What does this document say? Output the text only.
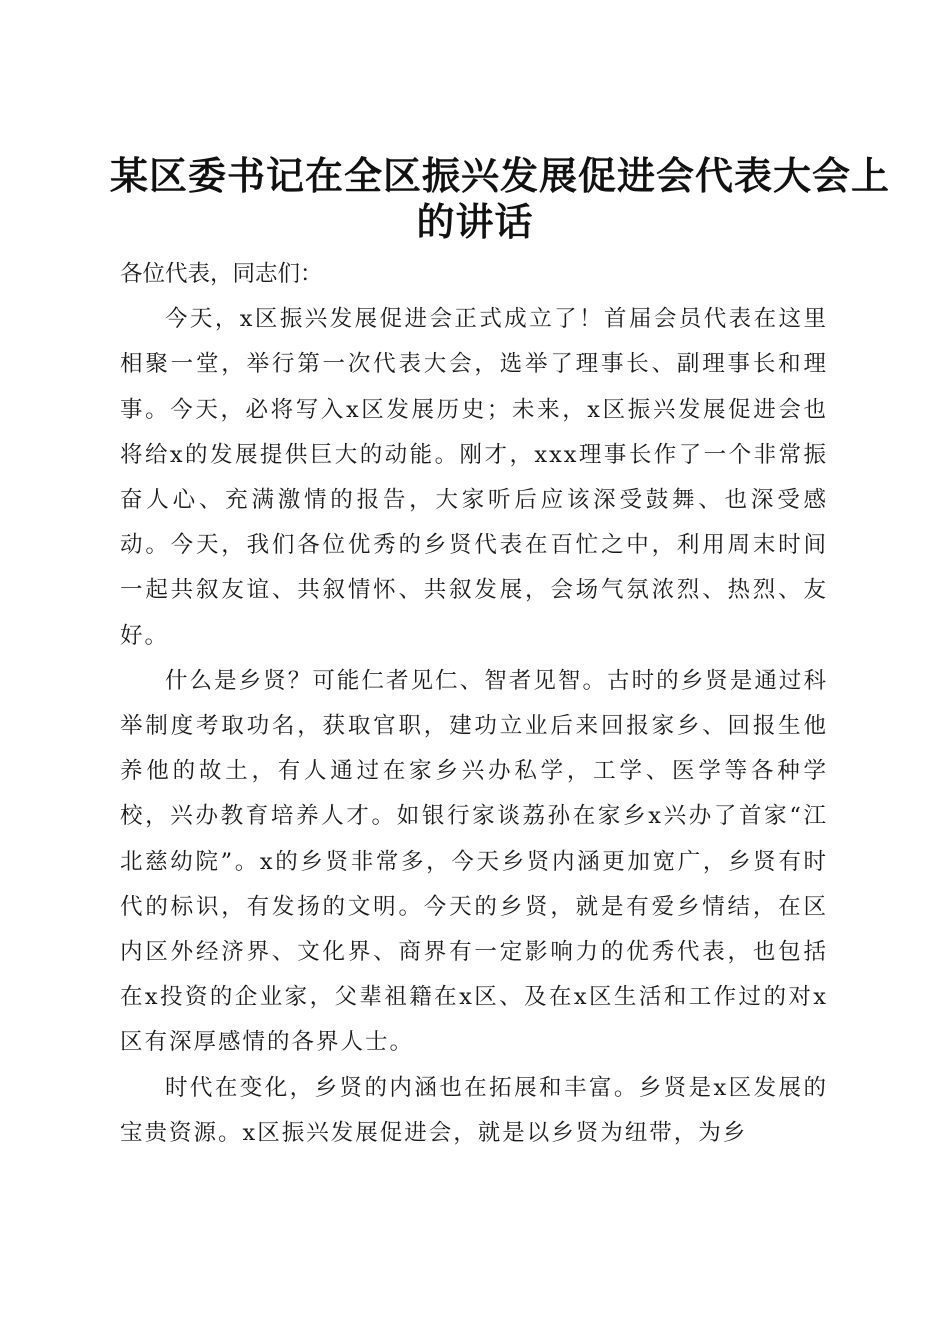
某区委书记在全区振兴发展促进会代表大会上
的讲话

各位代表，同志们：

今天，x区振兴发展促进会正式成立了！首届会员代表在这里相聚一堂，举行第一次代表大会，选举了理事长、副理事长和理事。今天，必将写入x区发展历史；未来，x区振兴发展促进会也将给x的发展提供巨大的动能。刚才，xxx理事长作了一个非常振奋人心、充满激情的报告，大家听后应该深受鼓舞、也深受感动。今天，我们各位优秀的乡贤代表在百忙之中，利用周末时间一起共叙友谊、共叙情怀、共叙发展，会场气氛浓烈、热烈、友好。

什么是乡贤？可能仁者见仁、智者见智。古时的乡贤是通过科举制度考取功名，获取官职，建功立业后来回报家乡、回报生他养他的故土，有人通过在家乡兴办私学，工学、医学等各种学校，兴办教育培养人才。如银行家谈荔孙在家乡x兴办了首家“江北慈幼院”。x的乡贤非常多，今天乡贤内涵更加宽广，乡贤有时代的标识，有发扬的文明。今天的乡贤，就是有爱乡情结，在区内区外经济界、文化界、商界有一定影响力的优秀代表，也包括在x投资的企业家，父辈祖籍在x区、及在x区生活和工作过的对x区有深厚感情的各界人士。

时代在变化，乡贤的内涵也在拓展和丰富。乡贤是x区发展的宝贵资源。x区振兴发展促进会，就是以乡贤为纽带，为乡
